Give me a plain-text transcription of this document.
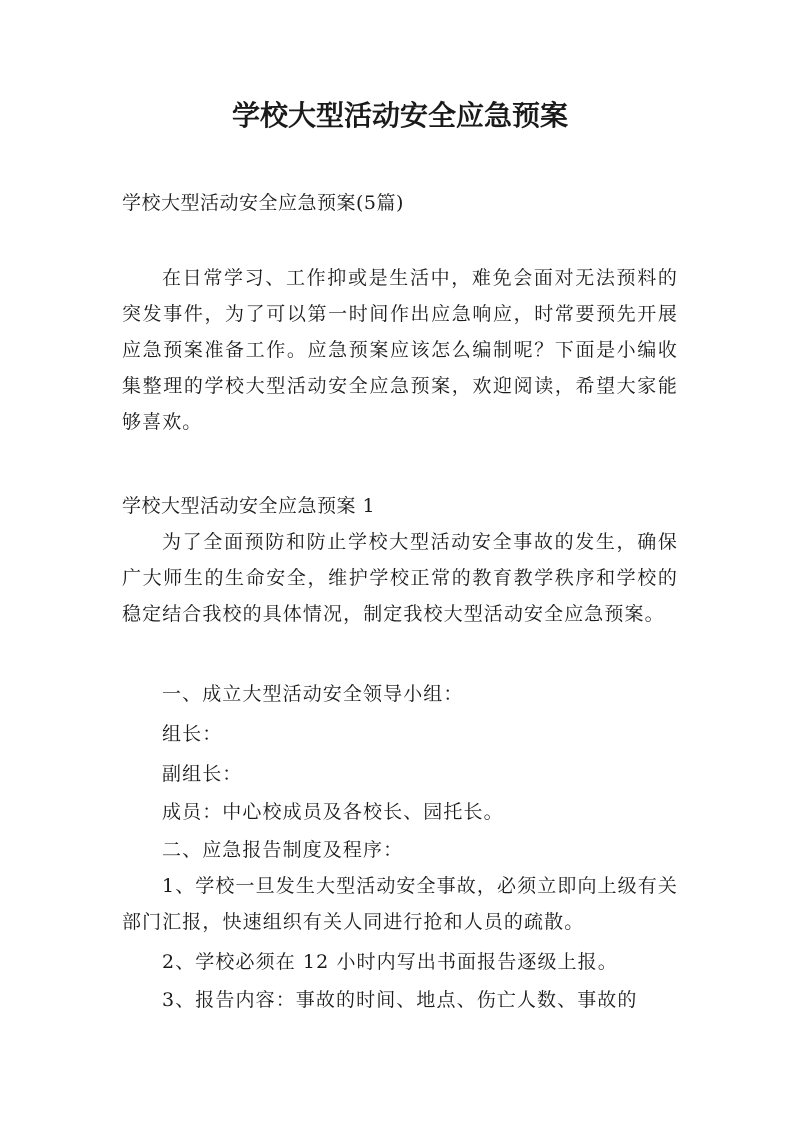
学校大型活动安全应急预案

学校大型活动安全应急预案(5篇)

在日常学习、工作抑或是生活中，难免会面对无法预料的突发事件，为了可以第一时间作出应急响应，时常要预先开展应急预案准备工作。应急预案应该怎么编制呢？下面是小编收集整理的学校大型活动安全应急预案，欢迎阅读，希望大家能够喜欢。

学校大型活动安全应急预案 1

为了全面预防和防止学校大型活动安全事故的发生，确保广大师生的生命安全，维护学校正常的教育教学秩序和学校的稳定结合我校的具体情况，制定我校大型活动安全应急预案。

一、成立大型活动安全领导小组：

组长：

副组长：

成员：中心校成员及各校长、园托长。

二、应急报告制度及程序：

1、学校一旦发生大型活动安全事故，必须立即向上级有关部门汇报，快速组织有关人同进行抢和人员的疏散。

2、学校必须在 12 小时内写出书面报告逐级上报。

3、报告内容：事故的时间、地点、伤亡人数、事故的
